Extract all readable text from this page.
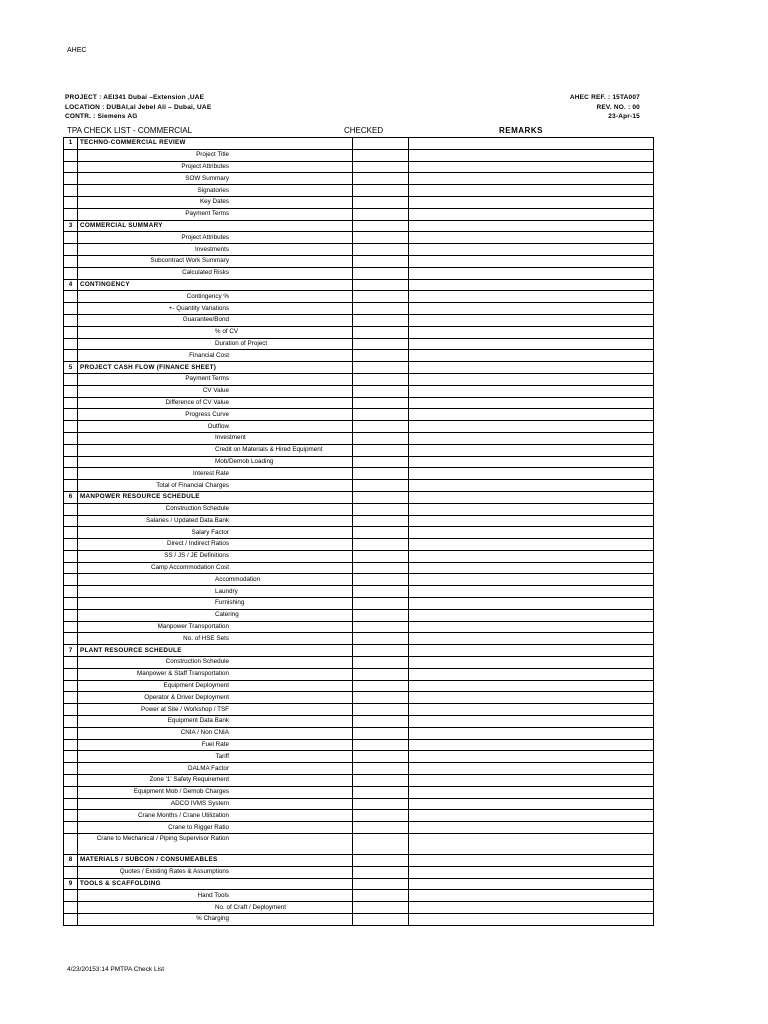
AHEC
PROJECT : AEI341 Dubai –Extension ,UAE
LOCATION : DUBAI,al Jebel Ali – Dubai, UAE
CONTR. : Siemens AG
AHEC REF. : 15TA007
REV. NO. : 00
23-Apr-15
TPA CHECK LIST - COMMERCIAL	CHECKED	REMARKS
1	TECHNO-COMMERCIAL REVIEW		

	Project Title		

	Project Attributes		

	SOW Summary		

	Signatories		

	Key Dates		

	Payment Terms		

3	COMMERCIAL SUMMARY		

	Project Attributes		

	Investments		

	Subcontract Work Summary		

	Calculated Risks		

4	CONTINGENCY		

	Contingency %		

	+- Quantity Variations		

	Guarantee/Bond		

	% of CV		

	Duration of Project		

	Financial Cost		

5	PROJECT CASH FLOW (FINANCE SHEET)		

	Payment Terms		

	CV Value		

	Difference of CV Value		

	Progress Curve		

	Outflow		

	Investment		

	Credit on Materials & Hired Equipment		

	Mob/Demob Loading		

	Interest Rate		

	Total of Financial Charges		

6	MANPOWER RESOURCE SCHEDULE		

	Construction Schedule		

	Salaries / Updated Data Bank		

	Salary Factor		

	Direct / Indirect Ratios		

	SS / JS / JE Definitions		

	Camp Accommodation Cost		

	Accommodation		

	Laundry		

	Furnishing		

	Catering		

	Manpower Transportation		

	No. of HSE Sets		

7	PLANT RESOURCE SCHEDULE		

	Construction Schedule		

	Manpower & Staff Transportation		

	Equipment Deployment		

	Operator & Driver Deployment		

	Power at Site / Workshop / TSF		

	Equipment Data Bank		

	CNIA / Non CNIA		

	Fuel Rate		

	Tariff		

	DALMA Factor		

	Zone '1' Safety Requirement		

	Equipment Mob / Demob Charges		

	ADCO IVMS System		

	Crane Months / Crane Utilization		

	Crane to Rigger Ratio		

	Crane to Mechanical / Piping Supervisor Ration		

8	MATERIALS / SUBCON / CONSUMEABLES		

	Quotes / Existing Rates & Assumptions		

9	TOOLS & SCAFFOLDING		

	Hand Tools		

	No. of Craft / Deployment		

	% Charging		

4/23/20153:14 PMTPA Check List
